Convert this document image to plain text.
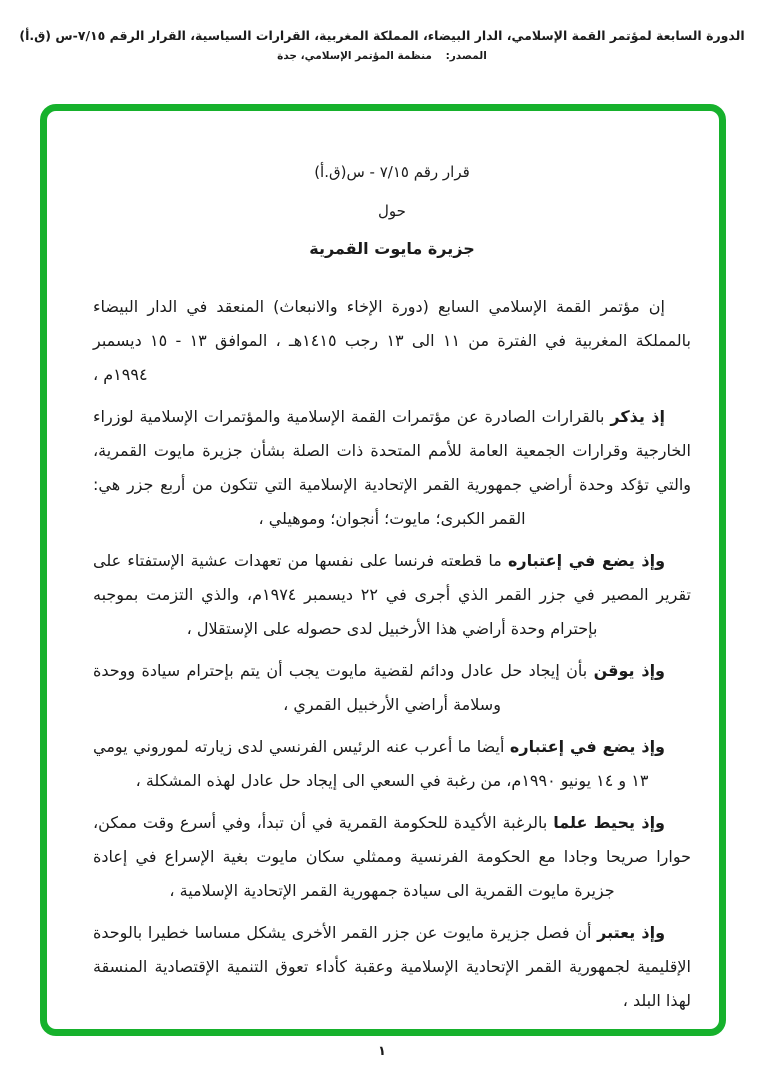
الدورة السابعة لمؤتمر القمة الإسلامي، الدار البيضاء، المملكة المغربية، القرارات السياسية، القرار الرقم ٧/١٥-س (ق.أ)
المصدر: منظمة المؤتمر الإسلامي، جدة
قرار رقم ٧/١٥ - س(ق.أ)
حول
جزيرة مايوت القمرية

إن مؤتمر القمة الإسلامي السابع (دورة الإخاء والانبعاث) المنعقد في الدار البيضاء بالمملكة المغربية في الفترة من ١١ الى ١٣ رجب ١٤١٥هـ ، الموافق ١٣ - ١٥ ديسمبر ١٩٩٤م ،

إذ يذكر بالقرارات الصادرة عن مؤتمرات القمة الإسلامية والمؤتمرات الإسلامية لوزراء الخارجية وقرارات الجمعية العامة للأمم المتحدة ذات الصلة بشأن جزيرة مايوت القمرية، والتي تؤكد وحدة أراضي جمهورية القمر الإتحادية الإسلامية التي تتكون من أربع جزر هي: القمر الكبرى؛ مايوت؛ أنجوان؛ وموهيلي ،

وإذ يضع في إعتباره ما قطعته فرنسا على نفسها من تعهدات عشية الإستفتاء على تقرير المصير في جزر القمر الذي أجرى في ٢٢ ديسمبر ١٩٧٤م، والذي التزمت بموجبه بإحترام وحدة أراضي هذا الأرخبيل لدى حصوله على الإستقلال ،

وإذ يوقن بأن إيجاد حل عادل ودائم لقضية مايوت يجب أن يتم بإحترام سيادة ووحدة وسلامة أراضي الأرخبيل القمري ،

وإذ يضع في إعتباره أيضا ما أعرب عنه الرئيس الفرنسي لدى زيارته لموروني يومي ١٣ و ١٤ يونيو ١٩٩٠م، من رغبة في السعي الى إيجاد حل عادل لهذه المشكلة ،

وإذ يحيط علما بالرغبة الأكيدة للحكومة القمرية في أن تبدأ، وفي أسرع وقت ممكن، حوارا صريحا وجادا مع الحكومة الفرنسية وممثلي سكان مايوت بغية الإسراع في إعادة جزيرة مايوت القمرية الى سيادة جمهورية القمر الإتحادية الإسلامية ،

وإذ يعتبر أن فصل جزيرة مايوت عن جزر القمر الأخرى يشكل مساسا خطيرا بالوحدة الإقليمية لجمهورية القمر الإتحادية الإسلامية وعقبة كأداء تعوق التنمية الإقتصادية المنسقة لهذا البلد ،

١
